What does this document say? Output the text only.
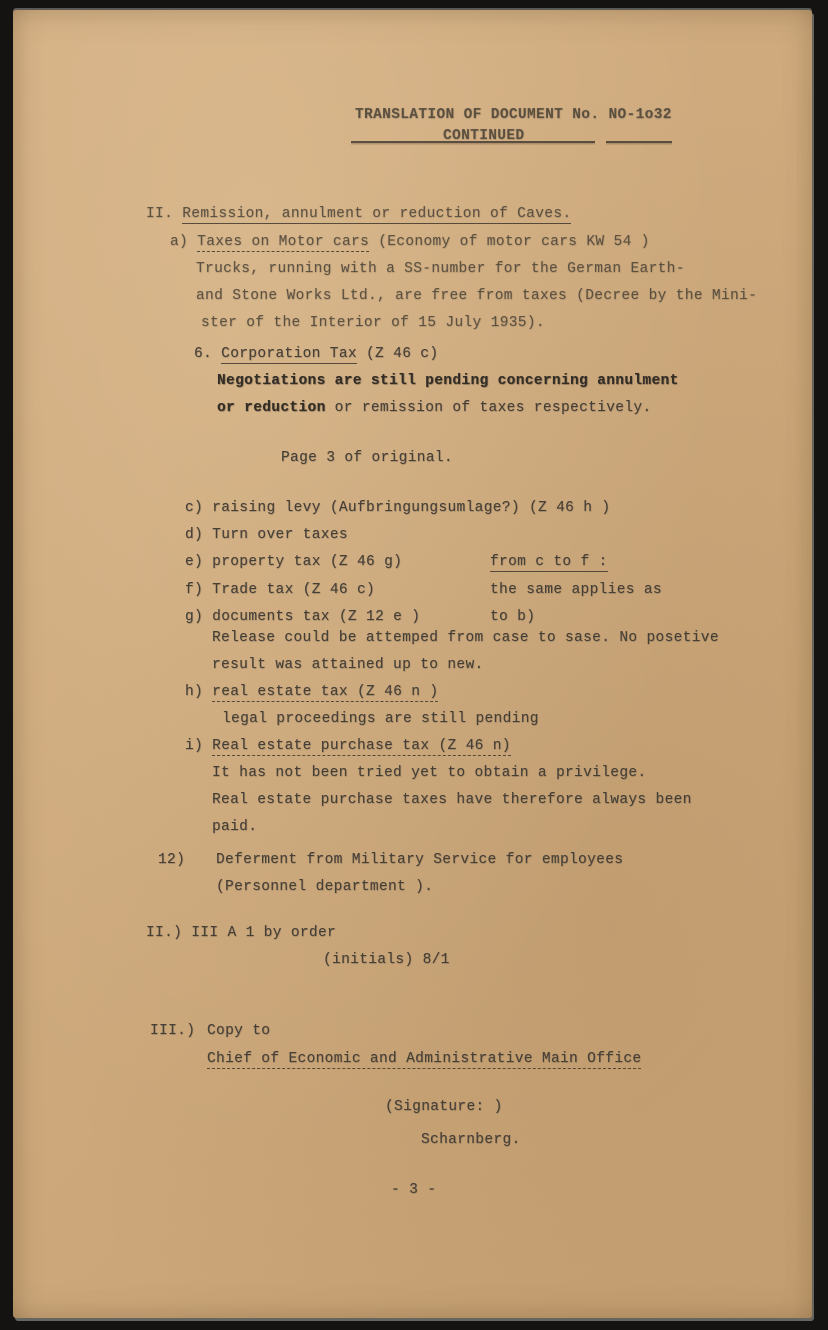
TRANSLATION OF DOCUMENT No. NO-1o32
CONTINUED
II. Remission, annulment or reduction of Caves.
a) Taxes on Motor cars (Economy of motor cars KW 54 )
Trucks, running with a SS-number for the German Earth-
and Stone Works Ltd., are free from taxes (Decree by the Mini-
ster of the Interior of 15 July 1935).
6. Corporation Tax (Z 46 c)
Negotiations are still pending concerning annulment
or reduction or remission of taxes respectively.
Page 3 of original.
c) raising levy (Aufbringungsumlage?) (Z 46 h )
d) Turn over taxes
e) property tax (Z 46 g)
f) Trade tax (Z 46 c)
g) documents tax (Z 12 e )
from c to f :
the same applies as
to b)
Release could be attemped from case to sase. No posetive
result was attained up to new.
h) real estate tax (Z 46 n )
legal proceedings are still pending
i) Real estate purchase tax (Z 46 n)
It has not been tried yet to obtain a privilege.
Real estate purchase taxes have therefore always been
paid.
12) Deferment from Military Service for employees
(Personnel department ).
II.) III A 1 by order
(initials) 8/1
III.) Copy to
Chief of Economic and Administrative Main Office
(Signature: )
Scharnberg.
- 3 -
